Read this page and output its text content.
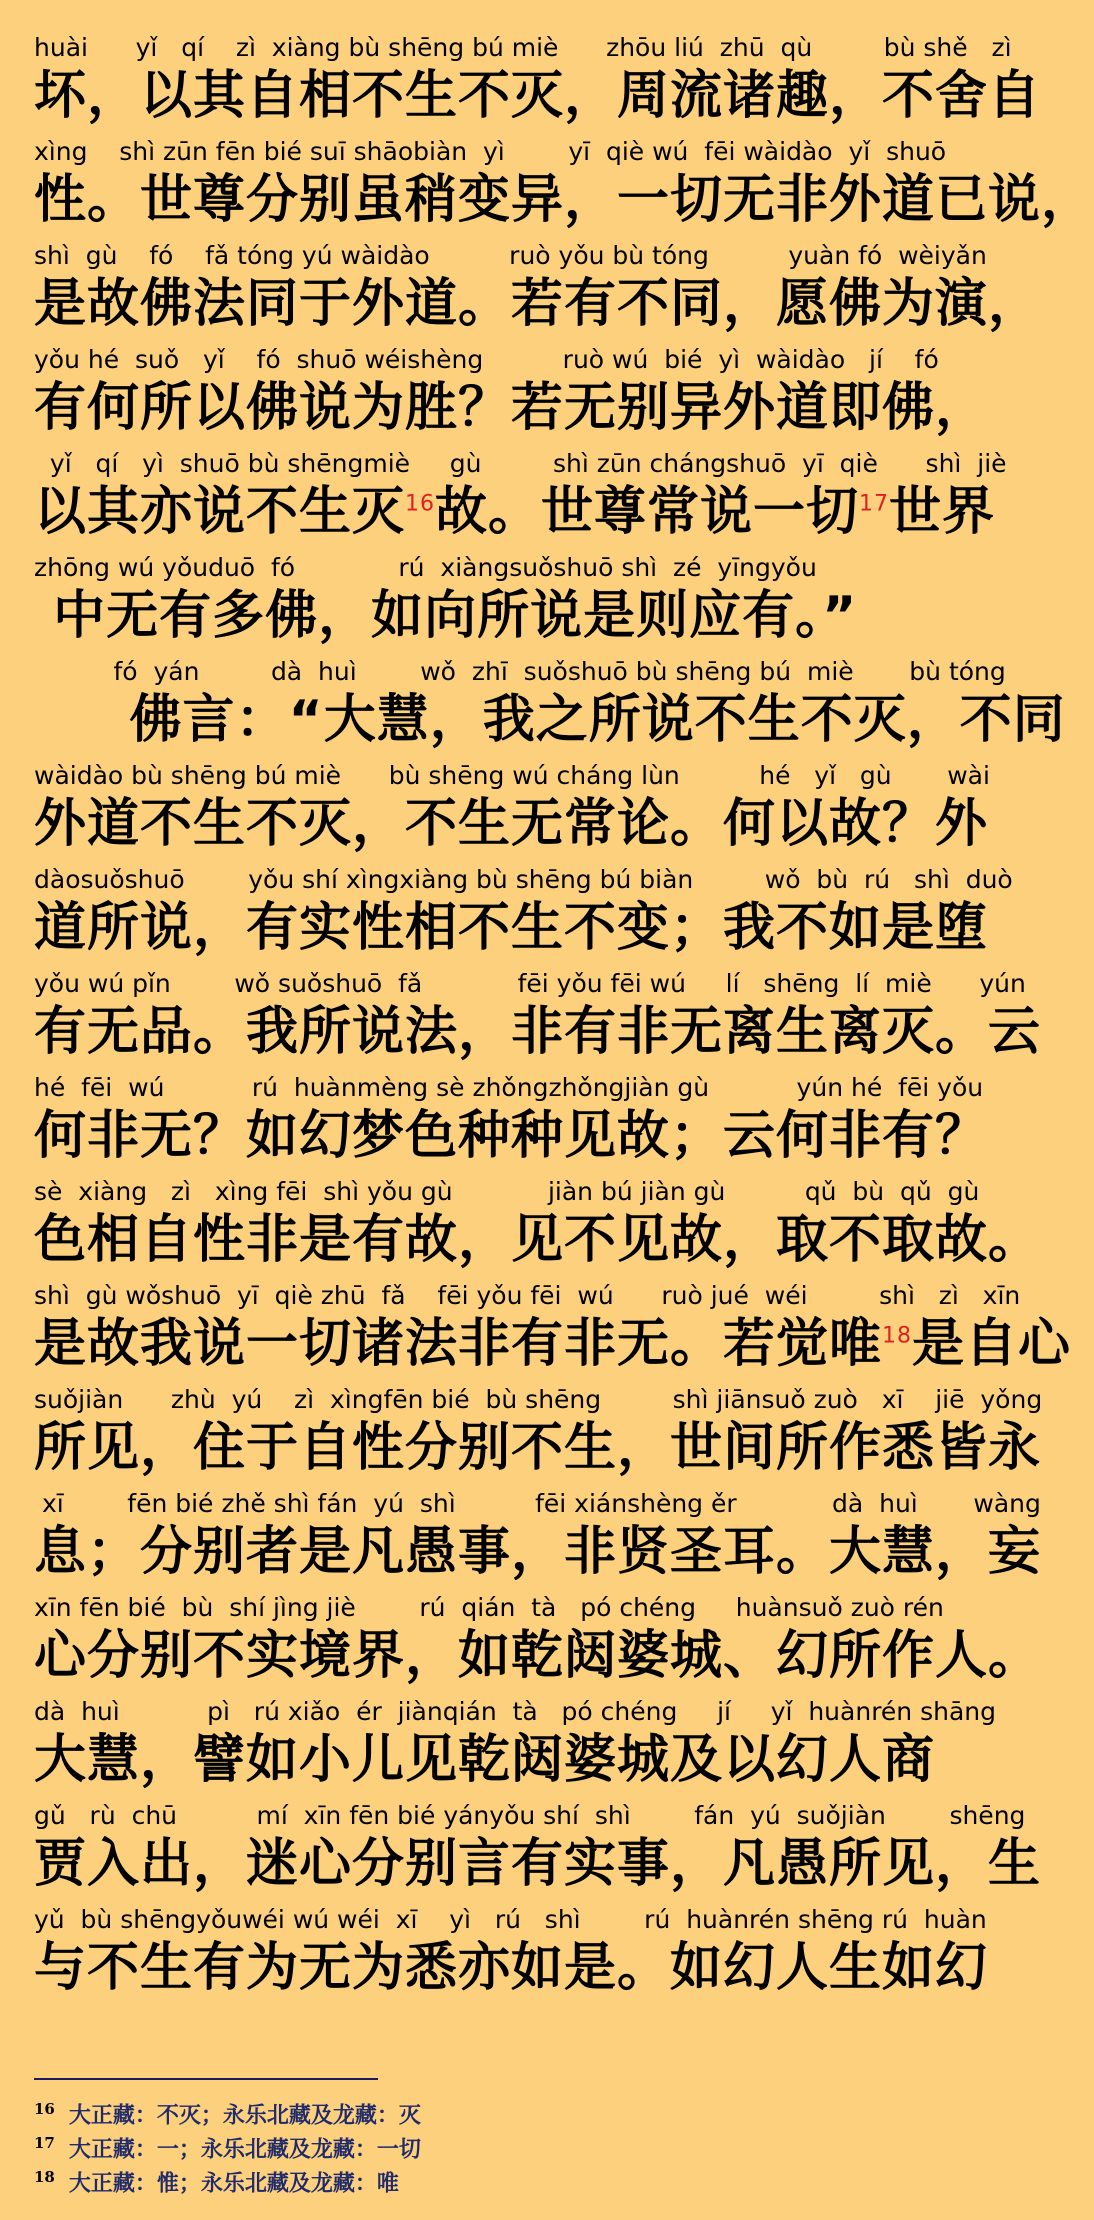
huài      yǐ   qí    zì  xiàng bù shēng bú miè      zhōu liú  zhū  qù         bù shě   zì
坏，以其自相不生不灭，周流诸趣，不舍自
xìng    shì zūn fēn bié suī shāobiàn  yì        yī  qiè wú  fēi wàidào  yǐ  shuō
性。世尊分别虽稍变异，一切无非外道已说，
shì  gù    fó    fǎ tóng yú wàidào          ruò yǒu bù tóng          yuàn fó  wèiyǎn
是故佛法同于外道。若有不同，愿佛为演，
yǒu hé  suǒ   yǐ    fó  shuō wéishèng          ruò wú  bié  yì  wàidào   jí    fó
有何所以佛说为胜？若无别异外道即佛，
yǐ   qí   yì  shuō bù shēngmiè     gù         shì zūn chángshuō  yī  qiè      shì  jiè
以其亦说不生灭$^{16}$故。世尊常说一切$^{17}$世界
zhōng wú yǒuduō  fó             rú  xiàngsuǒshuō shì  zé  yīngyǒu
中无有多佛，如向所说是则应有。”
fó  yán         dà  huì        wǒ  zhī  suǒshuō bù shēng bú  miè       bù tóng
佛言：“大慧，我之所说不生不灭，不同
wàidào bù shēng bú miè      bù shēng wú cháng lùn          hé   yǐ   gù       wài
外道不生不灭，不生无常论。何以故？外
dàosuǒshuō        yǒu shí xìngxiàng bù shēng bú biàn         wǒ  bù  rú   shì  duò
道所说，有实性相不生不变；我不如是堕
yǒu wú pǐn        wǒ suǒshuō  fǎ            fēi yǒu fēi wú     lí   shēng  lí  miè      yún
有无品。我所说法，非有非无离生离灭。云
hé  fēi  wú           rú  huànmèng sè zhǒngzhǒngjiàn gù           yún hé  fēi yǒu
何非无？如幻梦色种种见故；云何非有？
sè  xiàng   zì   xìng fēi  shì yǒu gù            jiàn bú jiàn gù          qǔ  bù  qǔ  gù
色相自性非是有故，见不见故，取不取故。
shì  gù wǒshuō  yī  qiè zhū  fǎ    fēi yǒu fēi  wú      ruò jué  wéi         shì   zì   xīn
是故我说一切诸法非有非无。若觉唯$^{18}$是自心
suǒjiàn      zhù  yú    zì  xìngfēn bié  bù shēng         shì jiānsuǒ zuò   xī    jiē  yǒng
所见，住于自性分别不生，世间所作悉皆永
xī        fēn bié zhě shì fán  yú  shì          fēi xiánshèng ěr            dà  huì       wàng
息；分别者是凡愚事，非贤圣耳。大慧，妄
xīn fēn bié  bù  shí jìng jiè        rú  qián  tà   pó chéng     huànsuǒ zuò rén
心分别不实境界，如乾闼婆城、幻所作人。
dà  huì           pì   rú xiǎo  ér  jiànqián  tà   pó chéng     jí     yǐ  huànrén shāng
大慧，譬如小儿见乾闼婆城及以幻人商
gǔ   rù  chū          mí  xīn fēn bié yányǒu shí  shì        fán  yú  suǒjiàn        shēng
贾入出，迷心分别言有实事，凡愚所见，生
yǔ  bù shēngyǒuwéi wú wéi  xī    yì   rú   shì        rú  huànrén shēng rú  huàn
与不生有为无为悉亦如是。如幻人生如幻
$^{16}$ 大正藏：不灭；永乐北藏及龙藏：灭
$^{17}$ 大正藏：一；永乐北藏及龙藏：一切
$^{18}$ 大正藏：惟；永乐北藏及龙藏：唯
